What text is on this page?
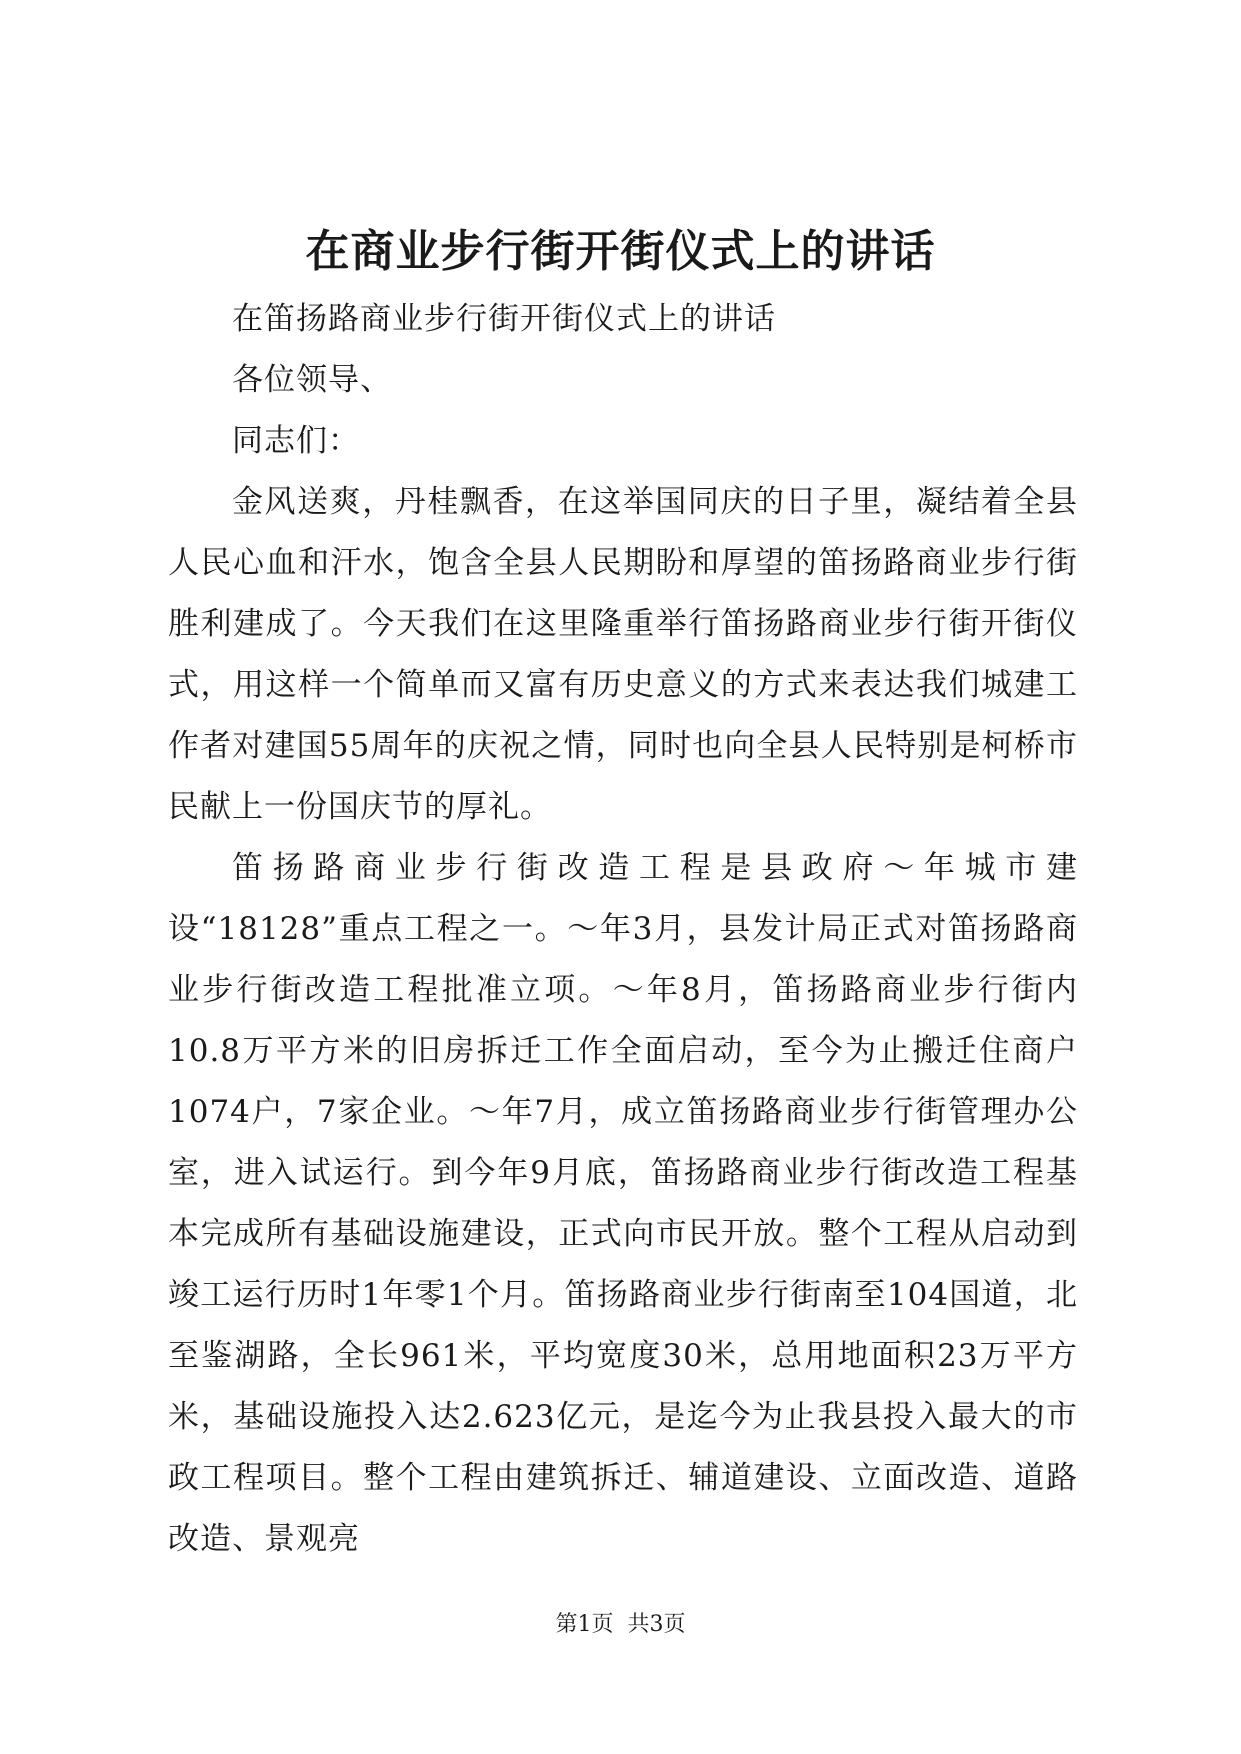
在商业步行街开街仪式上的讲话

在笛扬路商业步行街开街仪式上的讲话

各位领导、

同志们：

金风送爽，丹桂飘香，在这举国同庆的日子里，凝结着全县人民心血和汗水，饱含全县人民期盼和厚望的笛扬路商业步行街胜利建成了。今天我们在这里隆重举行笛扬路商业步行街开街仪式，用这样一个简单而又富有历史意义的方式来表达我们城建工作者对建国55周年的庆祝之情，同时也向全县人民特别是柯桥市民献上一份国庆节的厚礼。

笛扬路商业步行街改造工程是县政府～年城市建设“18128”重点工程之一。～年3月，县发计局正式对笛扬路商业步行街改造工程批准立项。～年8月，笛扬路商业步行街内10.8万平方米的旧房拆迁工作全面启动，至今为止搬迁住商户1074户，7家企业。～年7月，成立笛扬路商业步行街管理办公室，进入试运行。到今年9月底，笛扬路商业步行街改造工程基本完成所有基础设施建设，正式向市民开放。整个工程从启动到竣工运行历时1年零1个月。笛扬路商业步行街南至104国道，北至鉴湖路，全长961米，平均宽度30米，总用地面积23万平方米，基础设施投入达2.623亿元，是迄今为止我县投入最大的市政工程项目。整个工程由建筑拆迁、辅道建设、立面改造、道路改造、景观亮

第1页 共3页
